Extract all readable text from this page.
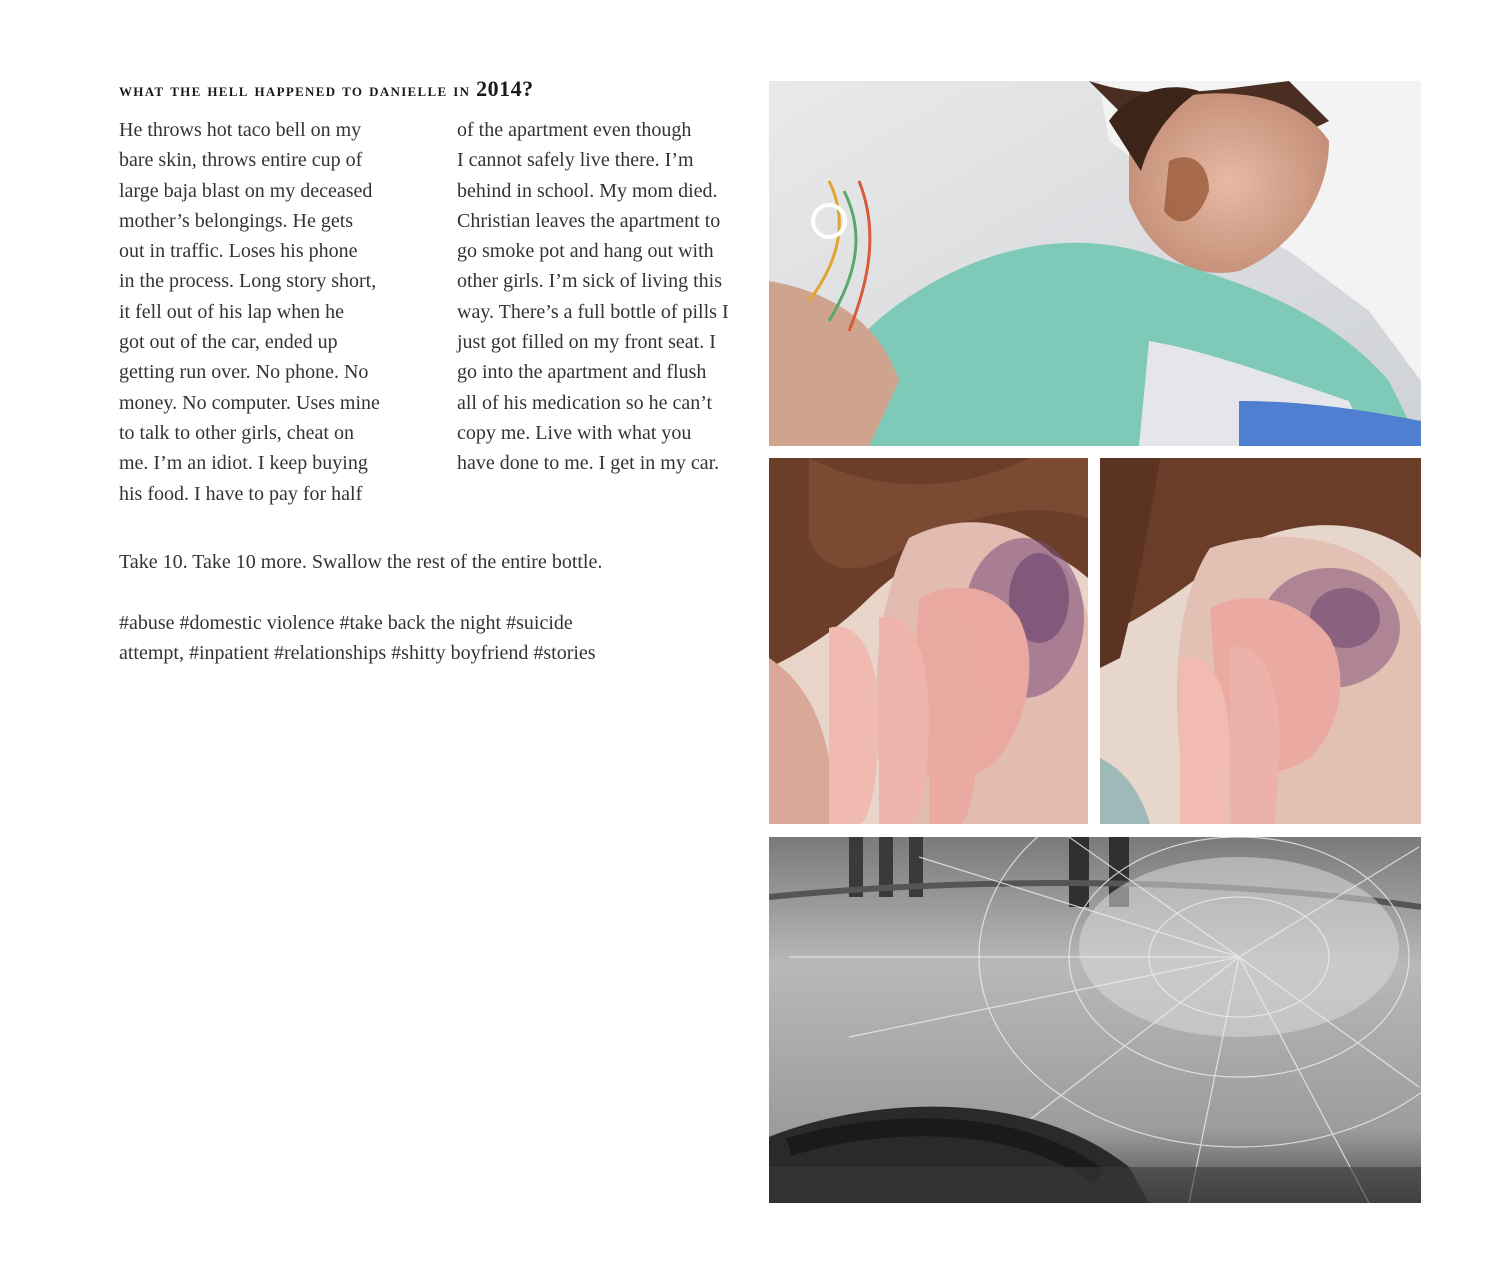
what the hell happened to danielle in 2014?
He throws hot taco bell on my
bare skin, throws entire cup of
large baja blast on my deceased
mother’s belongings. He gets
out in traffic. Loses his phone
in the process. Long story short,
it fell out of his lap when he
got out of the car, ended up
getting run over. No phone. No
money. No computer. Uses mine
to talk to other girls, cheat on
me. I’m an idiot. I keep buying
his food. I have to pay for half
of the apartment even though
I cannot safely live there. I’m
behind in school. My mom died.
Christian leaves the apartment to
go smoke pot and hang out with
other girls. I’m sick of living this
way. There’s a full bottle of pills I
just got filled on my front seat. I
go into the apartment and flush
all of his medication so he can’t
copy me. Live with what you
have done to me. I get in my car.
Take 10. Take 10 more. Swallow the rest of the entire bottle.
#abuse #domestic violence #take back the night #suicide
attempt, #inpatient #relationships #shitty boyfriend #stories
